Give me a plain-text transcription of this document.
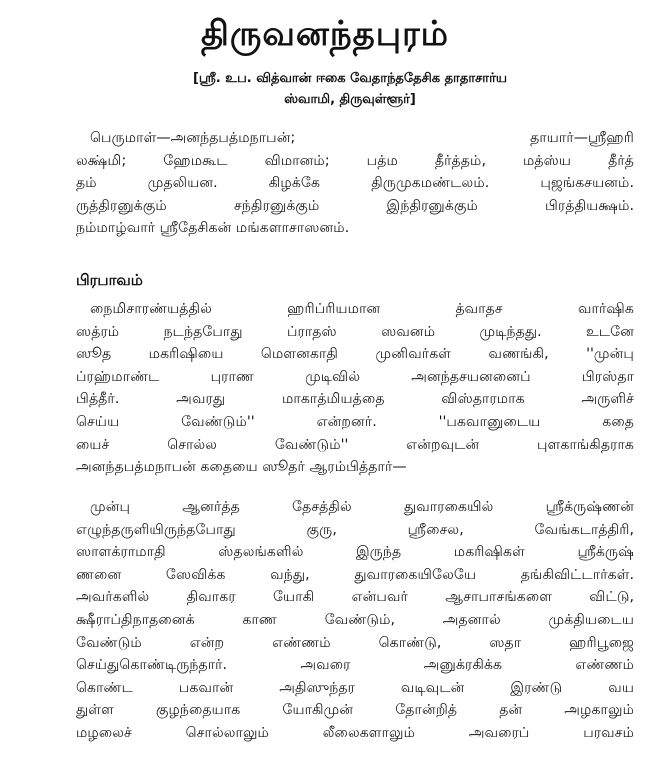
திருவனந்தபுரம்
[ஸ்ரீ. உப. வித்வான் ஈகை வேதாந்ததேசிக தாதாசார்ய
ஸ்வாமி, திருவுள்ளூர்]
பெருமாள்—அனந்தபத்மநாபன்; தாயார்—ஸ்ரீஹரி
லக்ஷ்மி; ஹேமகூட விமானம்; பத்ம தீர்த்தம், மத்ஸ்ய தீர்த்
தம் முதலியன. கிழக்கே திருமுகமண்டலம். புஜங்கசயனம்.
ருத்திரனுக்கும் சந்திரனுக்கும் இந்திரனுக்கும் பிரத்தியக்ஷம்.
நம்மாழ்வார் ஸ்ரீதேசிகன் மங்களாசாஸனம்.
பிரபாவம்
நைமிசாரண்யத்தில் ஹரிப்ரியமான த்வாதச வார்ஷிக
ஸத்ரம் நடந்தபோது ப்ராதஸ் ஸவனம் முடிந்தது. உடனே
ஸூத மகரிஷியை மௌனகாதி முனிவர்கள் வணங்கி, ''முன்பு
ப்ரஹ்மாண்ட புராண முடிவில் அனந்தசயனனைப் பிரஸ்தா
பித்தீர். அவரது மாகாத்மியத்தை விஸ்தாரமாக அருளிச்
செய்ய வேண்டும்'' என்றனர். ''பகவானுடைய கதை
யைச் சொல்ல வேண்டும்'' என்றவுடன் புளகாங்கிதராக
அனந்தபத்மநாபன் கதையை ஸூதர் ஆரம்பித்தார்—
முன்பு ஆனர்த்த தேசத்தில் துவாரகையில் ஸ்ரீக்ருஷ்ணன்
எழுந்தருளியிருந்தபோது குரு, ஸ்ரீசைல, வேங்கடாத்திரி,
ஸாளக்ராமாதி ஸ்தலங்களில் இருந்த மகரிஷிகள் ஸ்ரீக்ருஷ்
ணனை ஸேவிக்க வந்து, துவாரகையிலேயே தங்கிவிட்டார்கள்.
அவர்களில் திவாகர யோகி என்பவர் ஆசாபாசங்களை விட்டு,
க்ஷீராப்திநாதனைக் காண வேண்டும், அதனால் முக்தியடைய
வேண்டும் என்ற எண்ணம் கொண்டு, ஸதா ஹரிபூஜை
செய்துகொண்டிருந்தார். அவரை அனுக்ரகிக்க எண்ணம்
கொண்ட பகவான் அதிஸுந்தர வடிவுடன் இரண்டு வய
துள்ள குழந்தையாக யோகிமுன் தோன்றித் தன் அழகாலும்
மழலைச் சொல்லாலும் லீலைகளாலும் அவரைப் பரவசம்
